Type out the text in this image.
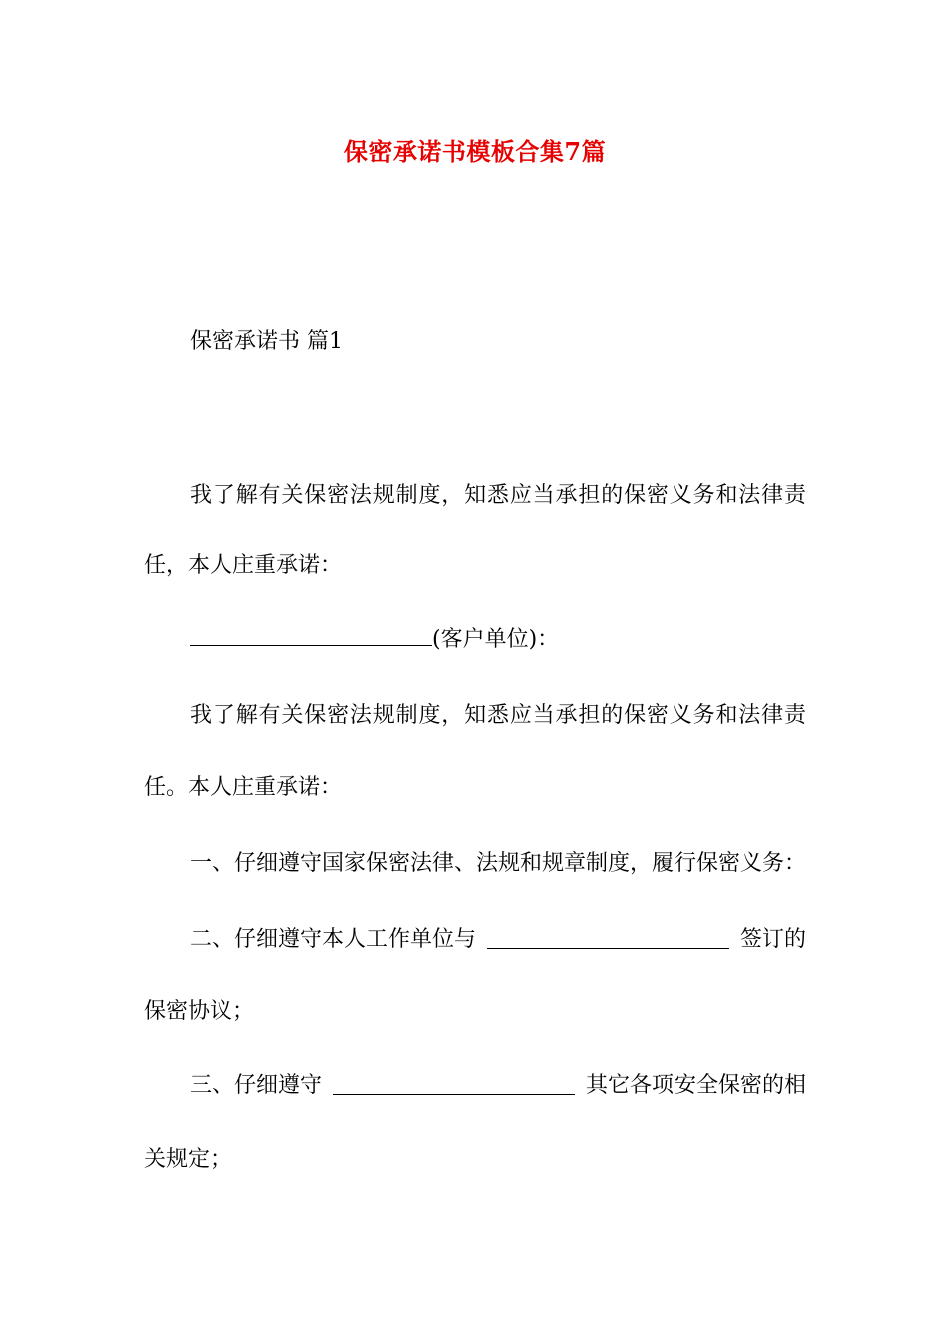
保密承诺书模板合集7篇
保密承诺书 篇1
我了解有关保密法规制度，知悉应当承担的保密义务和法律责
任，本人庄重承诺：
(客户单位)：
我了解有关保密法规制度，知悉应当承担的保密义务和法律责
任。本人庄重承诺：
一、仔细遵守国家保密法律、法规和规章制度，履行保密义务：
二、仔细遵守本人工作单位与	签订的
保密协议；
三、仔细遵守	其它各项安全保密的相
关规定；
